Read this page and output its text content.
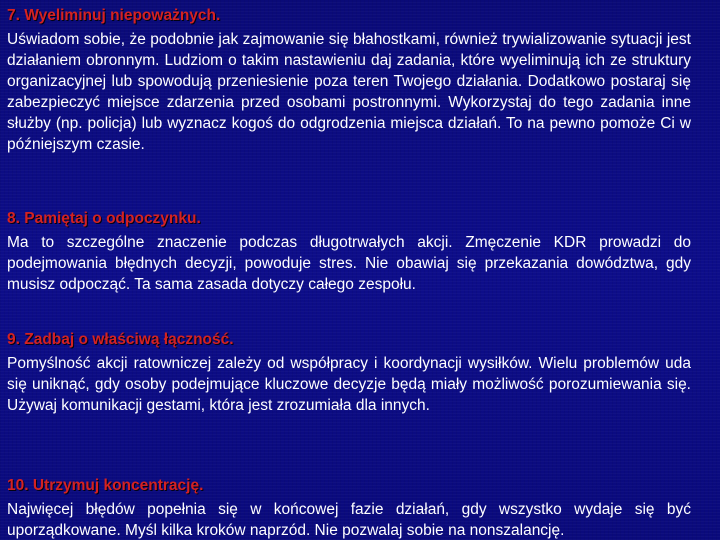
7. Wyeliminuj niepoważnych.
Uświadom sobie, że podobnie jak zajmowanie się błahostkami, również trywializowanie sytuacji jest działaniem obronnym. Ludziom o takim nastawieniu daj zadania, które wyeliminują ich ze struktury organizacyjnej lub spowodują przeniesienie poza teren Twojego działania. Dodatkowo postaraj się zabezpieczyć miejsce zdarzenia przed osobami postronnymi. Wykorzystaj do tego zadania inne służby (np. policja) lub wyznacz kogoś do odgrodzenia miejsca działań. To na pewno pomoże Ci w późniejszym czasie.
8. Pamiętaj o odpoczynku.
Ma to szczególne znaczenie podczas długotrwałych akcji. Zmęczenie KDR prowadzi do podejmowania błędnych decyzji, powoduje stres. Nie obawiaj się przekazania dowództwa, gdy musisz odpocząć. Ta sama zasada dotyczy całego zespołu.
9. Zadbaj o właściwą łączność.
Pomyślność akcji ratowniczej zależy od współpracy i koordynacji wysiłków. Wielu problemów uda się uniknąć, gdy osoby podejmujące kluczowe decyzje będą miały możliwość porozumiewania się. Używaj komunikacji gestami, która jest zrozumiała dla innych.
10. Utrzymuj koncentrację.
Najwięcej błędów popełnia się w końcowej fazie działań, gdy wszystko wydaje się być uporządkowane. Myśl kilka kroków naprzód. Nie pozwalaj sobie na nonszalancję.
